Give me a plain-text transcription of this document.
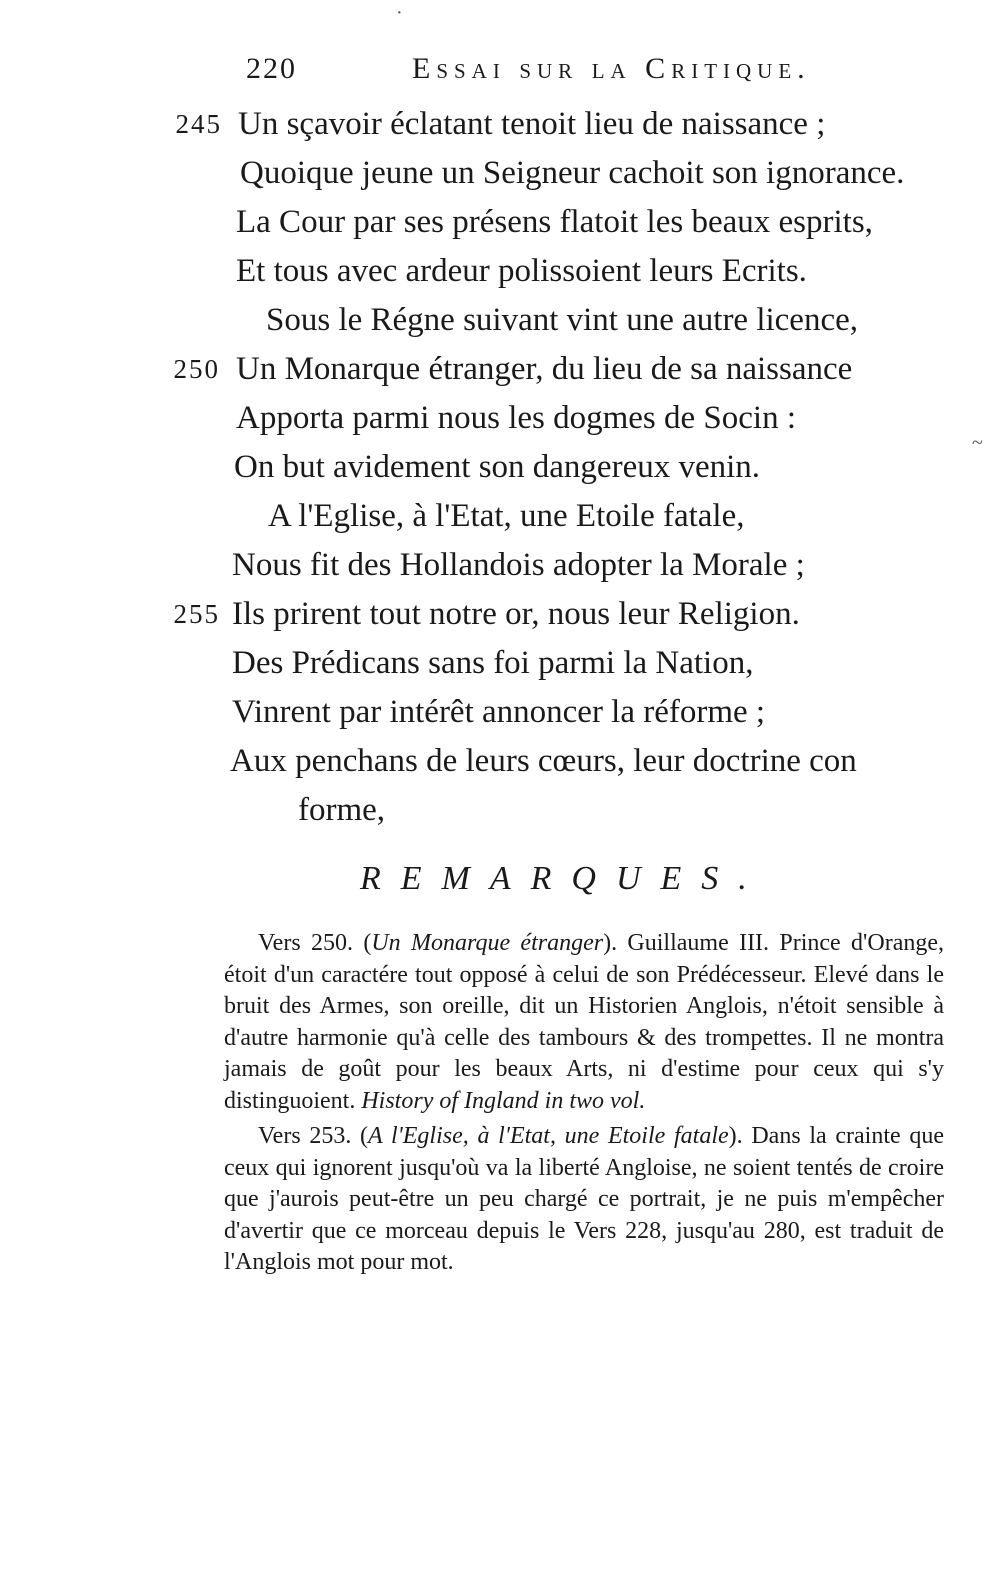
220	Essai sur la Critique.
245 Un sçavoir éclatant tenoit lieu de naissance ;
Quoique jeune un Seigneur cachoit son ignorance.
La Cour par ses présens flatoit les beaux esprits,
Et tous avec ardeur polissoient leurs Ecrits.
Sous le Régne suivant vint une autre licence,
250 Un Monarque étranger, du lieu de sa naissance
Apporta parmi nous les dogmes de Socin :
On but avidement son dangereux venin.
A l'Eglise, à l'Etat, une Etoile fatale,
Nous fit des Hollandois adopter la Morale ;
255 Ils prirent tout notre or, nous leur Religion.
Des Prédicans sans foi parmi la Nation,
Vinrent par intérêt annoncer la réforme ;
Aux penchans de leurs cœurs, leur doctrine con
forme,
REMARQUES.

Vers 250. (Un Monarque étranger). Guillaume III. Prince d'Orange, étoit d'un caractére tout opposé à celui de son Prédécesseur. Elevé dans le bruit des Armes, son oreille, dit un Historien Anglois, n'étoit sensible à d'autre harmonie qu'à celle des tambours & des trompettes. Il ne montra jamais de goût pour les beaux Arts, ni d'estime pour ceux qui s'y distinguoient. History of Ingland in two vol.

Vers 253. (A l'Eglise, à l'Etat, une Etoile fatale). Dans la crainte que ceux qui ignorent jusqu'où va la liberté Angloise, ne soient tentés de croire que j'aurois peut-être un peu chargé ce portrait, je ne puis m'empêcher d'avertir que ce morceau depuis le Vers 228, jusqu'au 280, est traduit de l'Anglois mot pour mot.

~
·
